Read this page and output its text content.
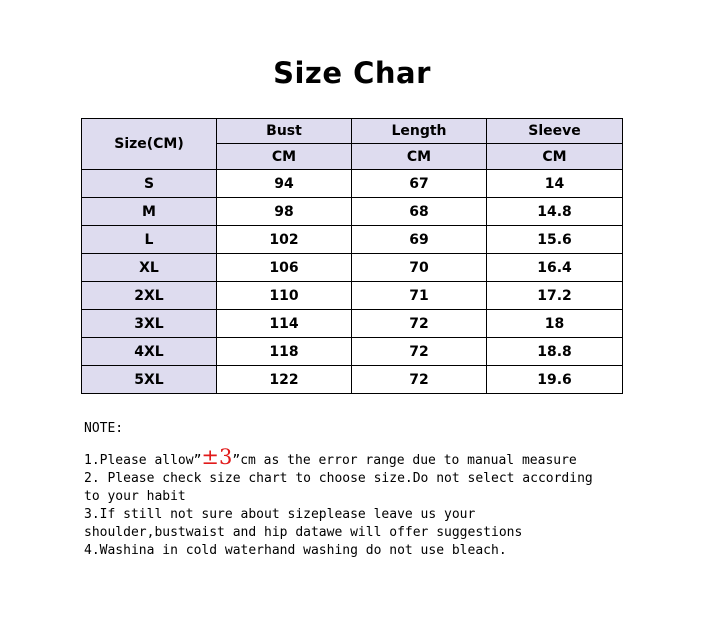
Size Char
Size(CM)	Bust	Length	Sleeve
	CM	CM	CM
S	94	67	14
M	98	68	14.8
L	102	69	15.6
XL	106	70	16.4
2XL	110	71	17.2
3XL	114	72	18
4XL	118	72	18.8
5XL	122	72	19.6
NOTE:
1.Please allow”±3”cm as the error range due to manual measure
2. Please check size chart to choose size.Do not select according
to your habit
3.If still not sure about sizeplease leave us your
shoulder,bustwaist and hip datawe will offer suggestions
4.Washina in cold waterhand washing do not use bleach.
